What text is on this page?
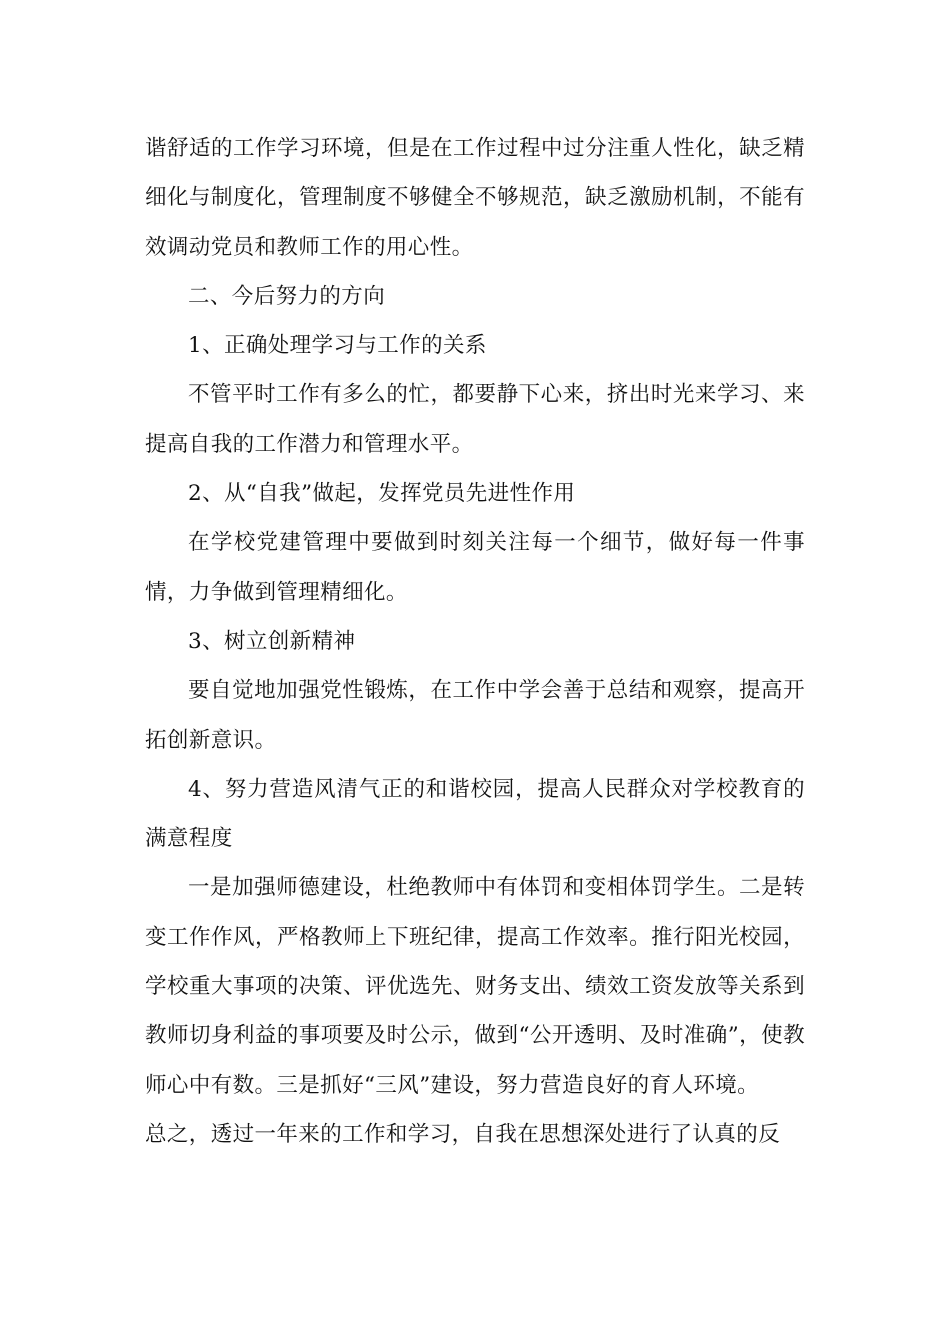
谐舒适的工作学习环境，但是在工作过程中过分注重人性化，缺乏精细化与制度化，管理制度不够健全不够规范，缺乏激励机制，不能有效调动党员和教师工作的用心性。

二、今后努力的方向

1、正确处理学习与工作的关系

不管平时工作有多么的忙，都要静下心来，挤出时光来学习、来提高自我的工作潜力和管理水平。

2、从“自我”做起，发挥党员先进性作用

在学校党建管理中要做到时刻关注每一个细节，做好每一件事情，力争做到管理精细化。

3、树立创新精神

要自觉地加强党性锻炼，在工作中学会善于总结和观察，提高开拓创新意识。

4、努力营造风清气正的和谐校园，提高人民群众对学校教育的满意程度

一是加强师德建设，杜绝教师中有体罚和变相体罚学生。二是转变工作作风，严格教师上下班纪律，提高工作效率。推行阳光校园，学校重大事项的决策、评优选先、财务支出、绩效工资发放等关系到教师切身利益的事项要及时公示，做到“公开透明、及时准确”，使教师心中有数。三是抓好“三风”建设，努力营造良好的育人环境。

总之，透过一年来的工作和学习，自我在思想深处进行了认真的反
